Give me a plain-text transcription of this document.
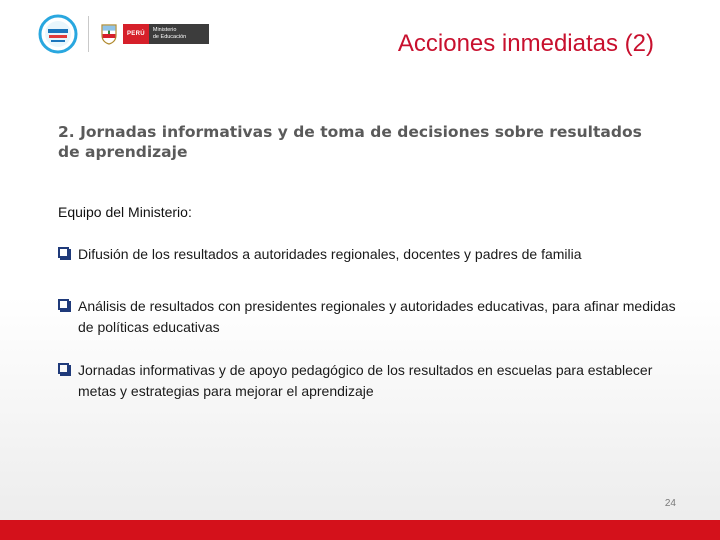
PERÚ
Ministerio
de Educación	Acciones inmediatas (2)
2. Jornadas informativas y de toma de decisiones sobre resultados de aprendizaje
Equipo del Ministerio:
Difusión de los resultados a autoridades regionales, docentes y padres de familia
Análisis de resultados con presidentes regionales y autoridades educativas, para afinar medidas de políticas educativas
Jornadas informativas y de apoyo pedagógico de los resultados en escuelas para establecer metas y estrategias para mejorar el aprendizaje
24
